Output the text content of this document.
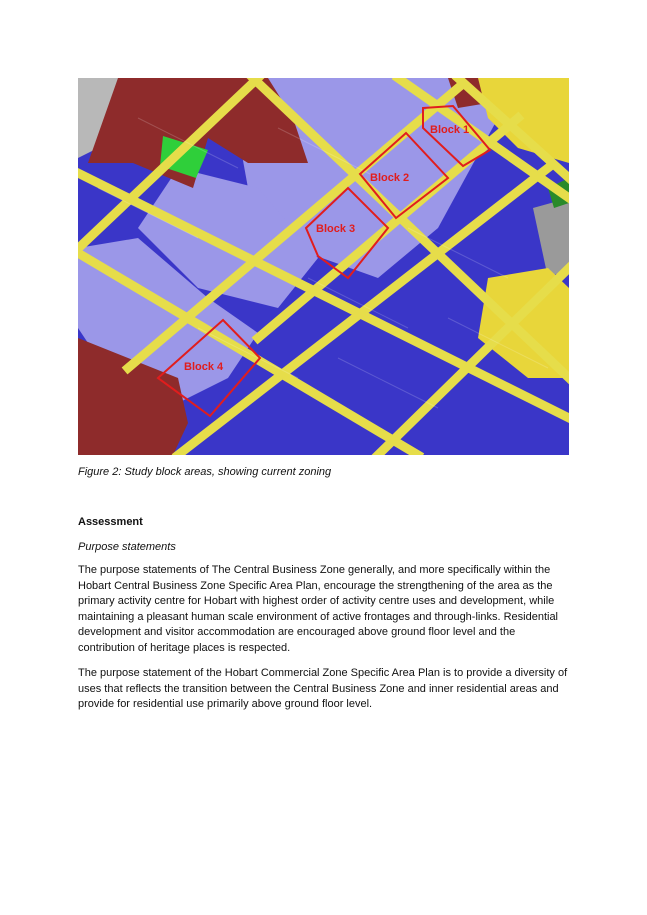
Block 1
Block 2
Block 3
Block 4
Figure 2: Study block areas, showing current zoning
Assessment
Purpose statements

The purpose statements of The Central Business Zone generally, and more specifically within the Hobart Central Business Zone Specific Area Plan, encourage the strengthening of the area as the primary activity centre for Hobart with highest order of activity centre uses and development, while maintaining a pleasant human scale environment of active frontages and through-links. Residential development and visitor accommodation are encouraged above ground floor level and the contribution of heritage places is respected.

The purpose statement of the Hobart Commercial Zone Specific Area Plan is to provide a diversity of uses that reflects the transition between the Central Business Zone and inner residential areas and provide for residential use primarily above ground floor level.
